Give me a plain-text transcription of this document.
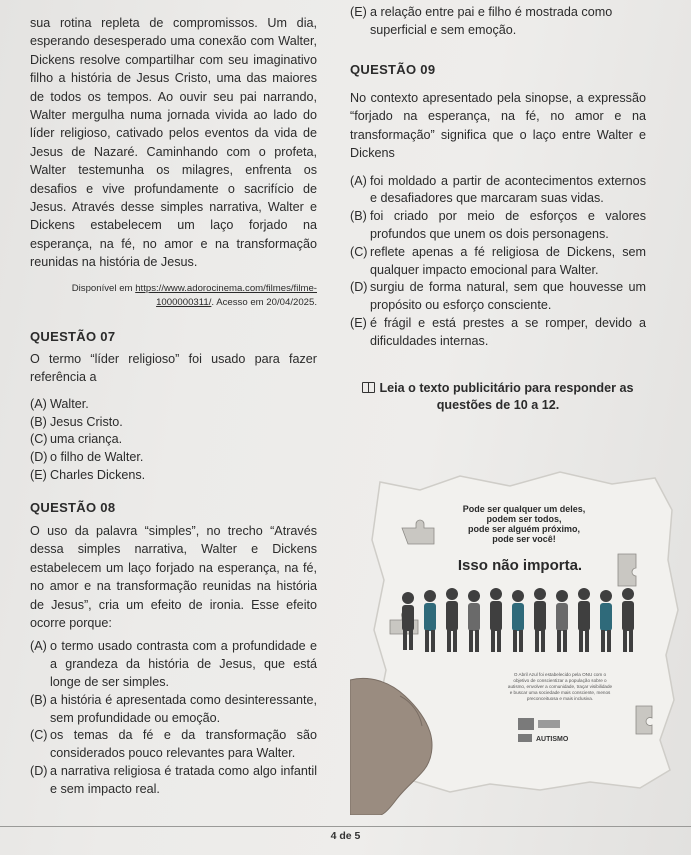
sua rotina repleta de compromissos. Um dia,
esperando desesperado uma conexão com Walter,
Dickens resolve compartilhar com seu imaginativo
filho a história de Jesus Cristo, uma das maiores
de todos os tempos. Ao ouvir seu pai narrando,
Walter mergulha numa jornada vivida ao lado do
líder religioso, cativado pelos eventos da vida de
Jesus de Nazaré. Caminhando com o profeta,
Walter testemunha os milagres, enfrenta os
desafios e vive profundamente o sacrifício de
Jesus. Através desse simples narrativa, Walter e
Dickens estabelecem um laço forjado na
esperança, na fé, no amor e na transformação
reunidas na história de Jesus.

Disponível em https://www.adorocinema.com/filmes/filme-
1000000311/. Acesso em 20/04/2025.

QUESTÃO 07

O termo “líder religioso” foi usado para fazer referência a

(A) Walter.
(B) Jesus Cristo.
(C) uma criança.
(D) o filho de Walter.
(E) Charles Dickens.

QUESTÃO 08

O uso da palavra “simples”, no trecho “Através dessa simples narrativa, Walter e Dickens estabelecem um laço forjado na esperança, na fé, no amor e na transformação reunidas na história de Jesus”, cria um efeito de ironia. Esse efeito ocorre porque:

(A) o termo usado contrasta com a profundidade e a grandeza da história de Jesus, que está longe de ser simples.
(B) a história é apresentada como desinteressante, sem profundidade ou emoção.
(C) os temas da fé e da transformação são considerados pouco relevantes para Walter.
(D) a narrativa religiosa é tratada como algo infantil e sem impacto real.
(E) a relação entre pai e filho é mostrada como superficial e sem emoção.

QUESTÃO 09

No contexto apresentado pela sinopse, a expressão “forjado na esperança, na fé, no amor e na transformação” significa que o laço entre Walter e Dickens

(A) foi moldado a partir de acontecimentos externos e desafiadores que marcaram suas vidas.
(B) foi criado por meio de esforços e valores profundos que unem os dois personagens.
(C) reflete apenas a fé religiosa de Dickens, sem qualquer impacto emocional para Walter.
(D) surgiu de forma natural, sem que houvesse um propósito ou esforço consciente.
(E) é frágil e está prestes a se romper, devido a dificuldades internas.

Leia o texto publicitário para responder as questões de 10 a 12.

Pode ser qualquer um deles,
podem ser todos,
pode ser alguém próximo,
pode ser você!
Isso não importa.
O Abril Azul foi estabelecido pela ONU com o
objetivo de conscientizar a população sobre o
autismo, envolver a comunidade, traçar visibilidade
e buscar uma sociedade mais consciente, menos
preconceituosa e mais inclusiva.
AUTISMO
4 de 5
